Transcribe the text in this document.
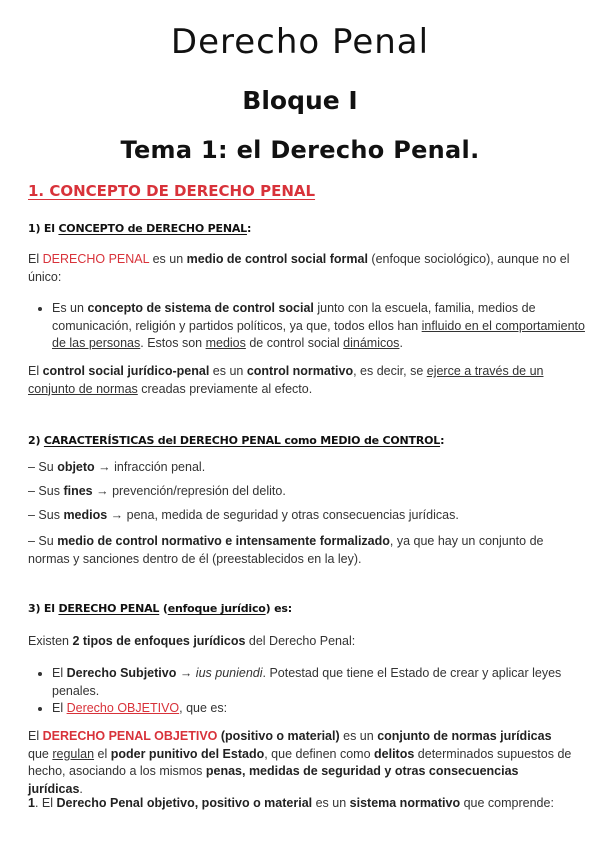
Derecho Penal
Bloque I
Tema 1: el Derecho Penal.
1. CONCEPTO DE DERECHO PENAL
1) El CONCEPTO de DERECHO PENAL:
El DERECHO PENAL es un medio de control social formal (enfoque sociológico), aunque no el único:
• Es un concepto de sistema de control social junto con la escuela, familia, medios de comunicación, religión y partidos políticos, ya que, todos ellos han influido en el comportamiento de las personas. Estos son medios de control social dinámicos.
El control social jurídico-penal es un control normativo, es decir, se ejerce a través de un conjunto de normas creadas previamente al efecto.
2) CARACTERÍSTICAS del DERECHO PENAL como MEDIO de CONTROL:
– Su objeto → infracción penal.
– Sus fines → prevención/represión del delito.
– Sus medios → pena, medida de seguridad y otras consecuencias jurídicas.
– Su medio de control normativo e intensamente formalizado, ya que hay un conjunto de normas y sanciones dentro de él (preestablecidos en la ley).
3) El DERECHO PENAL (enfoque jurídico) es:
Existen 2 tipos de enfoques jurídicos del Derecho Penal:
• El Derecho Subjetivo → ius puniendi. Potestad que tiene el Estado de crear y aplicar leyes penales.
• El Derecho OBJETIVO, que es:
El DERECHO PENAL OBJETIVO (positivo o material) es un conjunto de normas jurídicas que regulan el poder punitivo del Estado, que definen como delitos determinados supuestos de hecho, asociando a los mismos penas, medidas de seguridad y otras consecuencias jurídicas.
1. El Derecho Penal objetivo, positivo o material es un sistema normativo que comprende:
